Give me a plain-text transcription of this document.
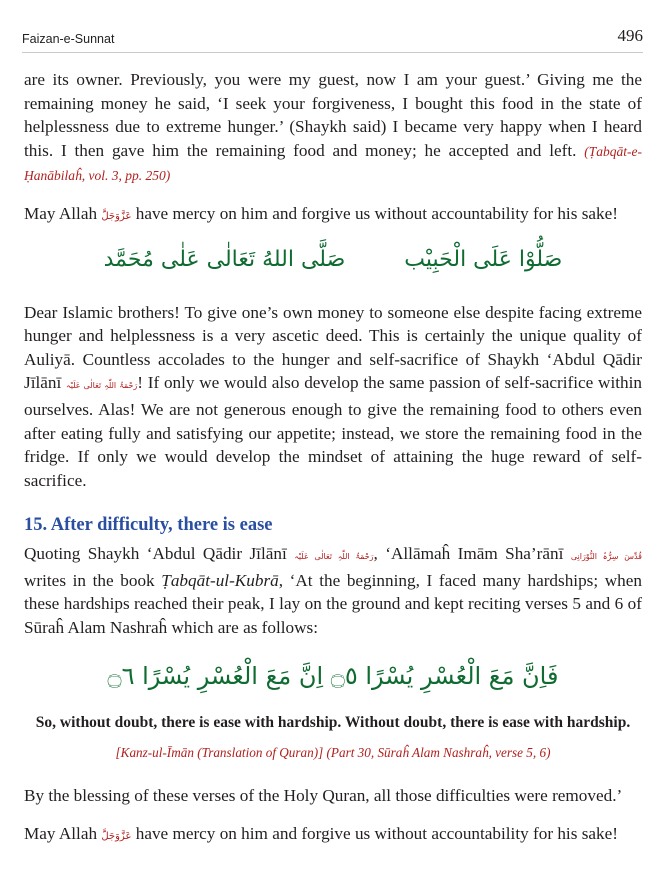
Faizan-e-Sunnat	496

are its owner. Previously, you were my guest, now I am your guest.’ Giving me the remaining money he said, ‘I seek your forgiveness, I bought this food in the state of helplessness due to extreme hunger.’ (Shaykh said) I became very happy when I heard this. I then gave him the remaining food and money; he accepted and left. (Ṭabqāt-e-Ḥanābilaĥ, vol. 3, pp. 250)

May Allah عَزَّوَجَلَّ have mercy on him and forgive us without accountability for his sake!

صَلُّوْا عَلَى الْحَبِيْب صَلَّى اللهُ تَعَالٰی عَلٰی مُحَمَّد

Dear Islamic brothers! To give one’s own money to someone else despite facing extreme hunger and helplessness is a very ascetic deed. This is certainly the unique quality of Auliyā. Countless accolades to the hunger and self-sacrifice of Shaykh ‘Abdul Qādir Jīlānī رَحْمَۃُ اللّٰہِ تَعَالٰی عَلَیْہ! If only we would also develop the same passion of self-sacrifice within ourselves. Alas! We are not generous enough to give the remaining food to others even after eating fully and satisfying our appetite; instead, we store the remaining food in the fridge. If only we would develop the mindset of attaining the huge reward of self-sacrifice.

15. After difficulty, there is ease

Quoting Shaykh ‘Abdul Qādir Jīlānī رَحْمَۃُ اللّٰہِ تَعَالٰی عَلَیْہ, ‘Allāmaĥ Imām Sha’rānī قُدِّسَ سِرُّہُ النُّوْرَانِی writes in the book Ṭabqāt-ul-Kubrā, ‘At the beginning, I faced many hardships; when these hardships reached their peak, I lay on the ground and kept reciting verses 5 and 6 of Sūraĥ Alam Nashraĥ which are as follows:

فَاِنَّ مَعَ الْعُسْرِ یُسْرًا ۝٥ اِنَّ مَعَ الْعُسْرِ یُسْرًا ۝٦
So, without doubt, there is ease with hardship. Without doubt, there is ease with hardship.
[Kanz-ul-Īmān (Translation of Quran)] (Part 30, Sūraĥ Alam Nashraĥ, verse 5, 6)

By the blessing of these verses of the Holy Quran, all those difficulties were removed.’

May Allah عَزَّوَجَلَّ have mercy on him and forgive us without accountability for his sake!
